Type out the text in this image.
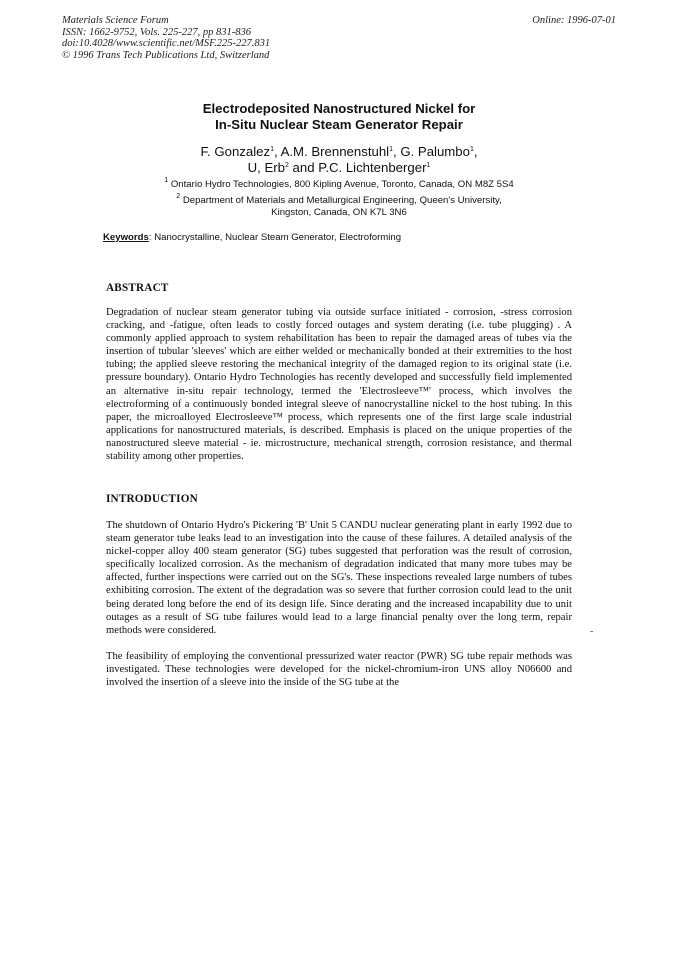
Materials Science Forum
ISSN: 1662-9752, Vols. 225-227, pp 831-836
doi:10.4028/www.scientific.net/MSF.225-227.831
© 1996 Trans Tech Publications Ltd, Switzerland
Online: 1996-07-01
Electrodeposited Nanostructured Nickel for
In-Situ Nuclear Steam Generator Repair
F. Gonzalez$^1$, A.M. Brennenstuhl$^1$, G. Palumbo$^1$,
U, Erb$^2$ and P.C. Lichtenberger$^1$
$^1$ Ontario Hydro Technologies, 800 Kipling Avenue, Toronto, Canada, ON M8Z 5S4
$^2$ Department of Materials and Metallurgical Engineering, Queen's University,
Kingston, Canada, ON K7L 3N6
Keywords: Nanocrystalline, Nuclear Steam Generator, Electroforming
ABSTRACT
Degradation of nuclear steam generator tubing via outside surface initiated - corrosion, -stress corrosion cracking, and -fatigue, often leads to costly forced outages and system derating (i.e. tube plugging) . A commonly applied approach to system rehabilitation has been to repair the damaged areas of tubes via the insertion of tubular 'sleeves' which are either welded or mechanically bonded at their extremities to the host tubing; the applied sleeve restoring the mechanical integrity of the damaged region to its original state (i.e. pressure boundary). Ontario Hydro Technologies has recently developed and successfully field implemented an alternative in-situ repair technology, termed the 'Electrosleeve™' process, which involves the electroforming of a continuously bonded integral sleeve of nanocrystalline nickel to the host tubing. In this paper, the microalloyed Electrosleeve™ process, which represents one of the first large scale industrial applications for nanostructured materials, is described. Emphasis is placed on the unique properties of the nanostructured sleeve material - ie. microstructure, mechanical strength, corrosion resistance, and thermal stability among other properties.
INTRODUCTION
The shutdown of Ontario Hydro's Pickering 'B' Unit 5 CANDU nuclear generating plant in early 1992 due to steam generator tube leaks lead to an investigation into the cause of these failures. A detailed analysis of the nickel-copper alloy 400 steam generator (SG) tubes suggested that perforation was the result of corrosion, specifically localized corrosion. As the mechanism of degradation indicated that many more tubes may be affected, further inspections were carried out on the SG's. These inspections revealed large numbers of tubes exhibiting corrosion. The extent of the degradation was so severe that further corrosion could lead to the unit being derated long before the end of its design life. Since derating and the increased incapability due to unit outages as a result of SG tube failures would lead to a large financial penalty over the long term, repair methods were considered.
The feasibility of employing the conventional pressurized water reactor (PWR) SG tube repair methods was investigated. These technologies were developed for the nickel-chromium-iron UNS alloy N06600 and involved the insertion of a sleeve into the inside of the SG tube at the
-
